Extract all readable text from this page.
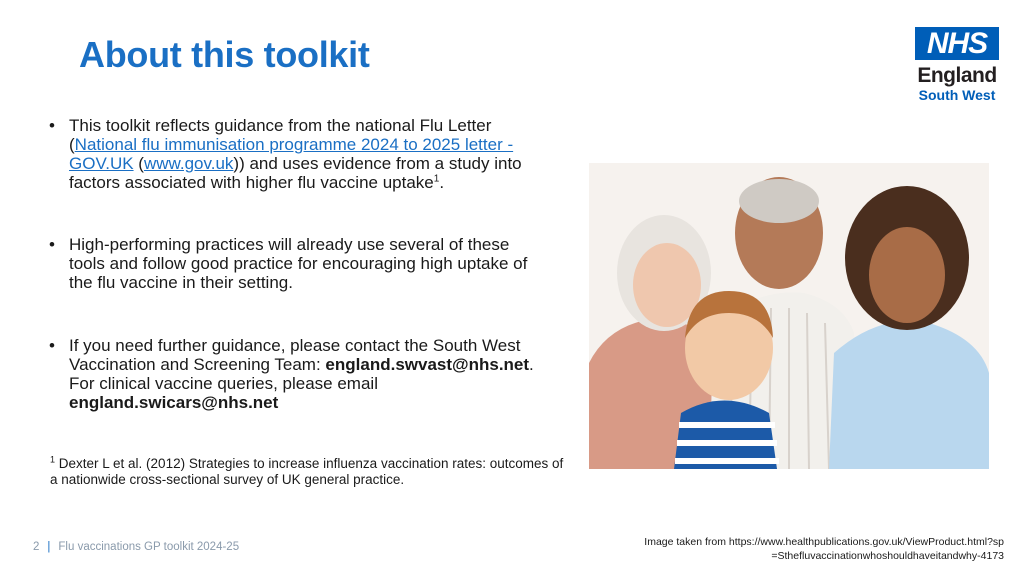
About this toolkit	NHS
England
South West
• This toolkit reflects guidance from the national Flu Letter (National flu immunisation programme 2024 to 2025 letter - GOV.UK (www.gov.uk)) and uses evidence from a study into factors associated with higher flu vaccine uptake$^1$.
• High-performing practices will already use several of these tools and follow good practice for encouraging high uptake of the flu vaccine in their setting.
• If you need further guidance, please contact the South West Vaccination and Screening Team: england.swvast@nhs.net. For clinical vaccine queries, please email england.swicars@nhs.net
$^1$ Dexter L et al. (2012) Strategies to increase influenza vaccination rates: outcomes of a nationwide cross-sectional survey of UK general practice.
2 | Flu vaccinations GP toolkit 2024-25	Image taken from https://www.healthpublications.gov.uk/ViewProduct.html?sp =Sthefluvaccinationwhoshouldhaveitandwhy-4173
